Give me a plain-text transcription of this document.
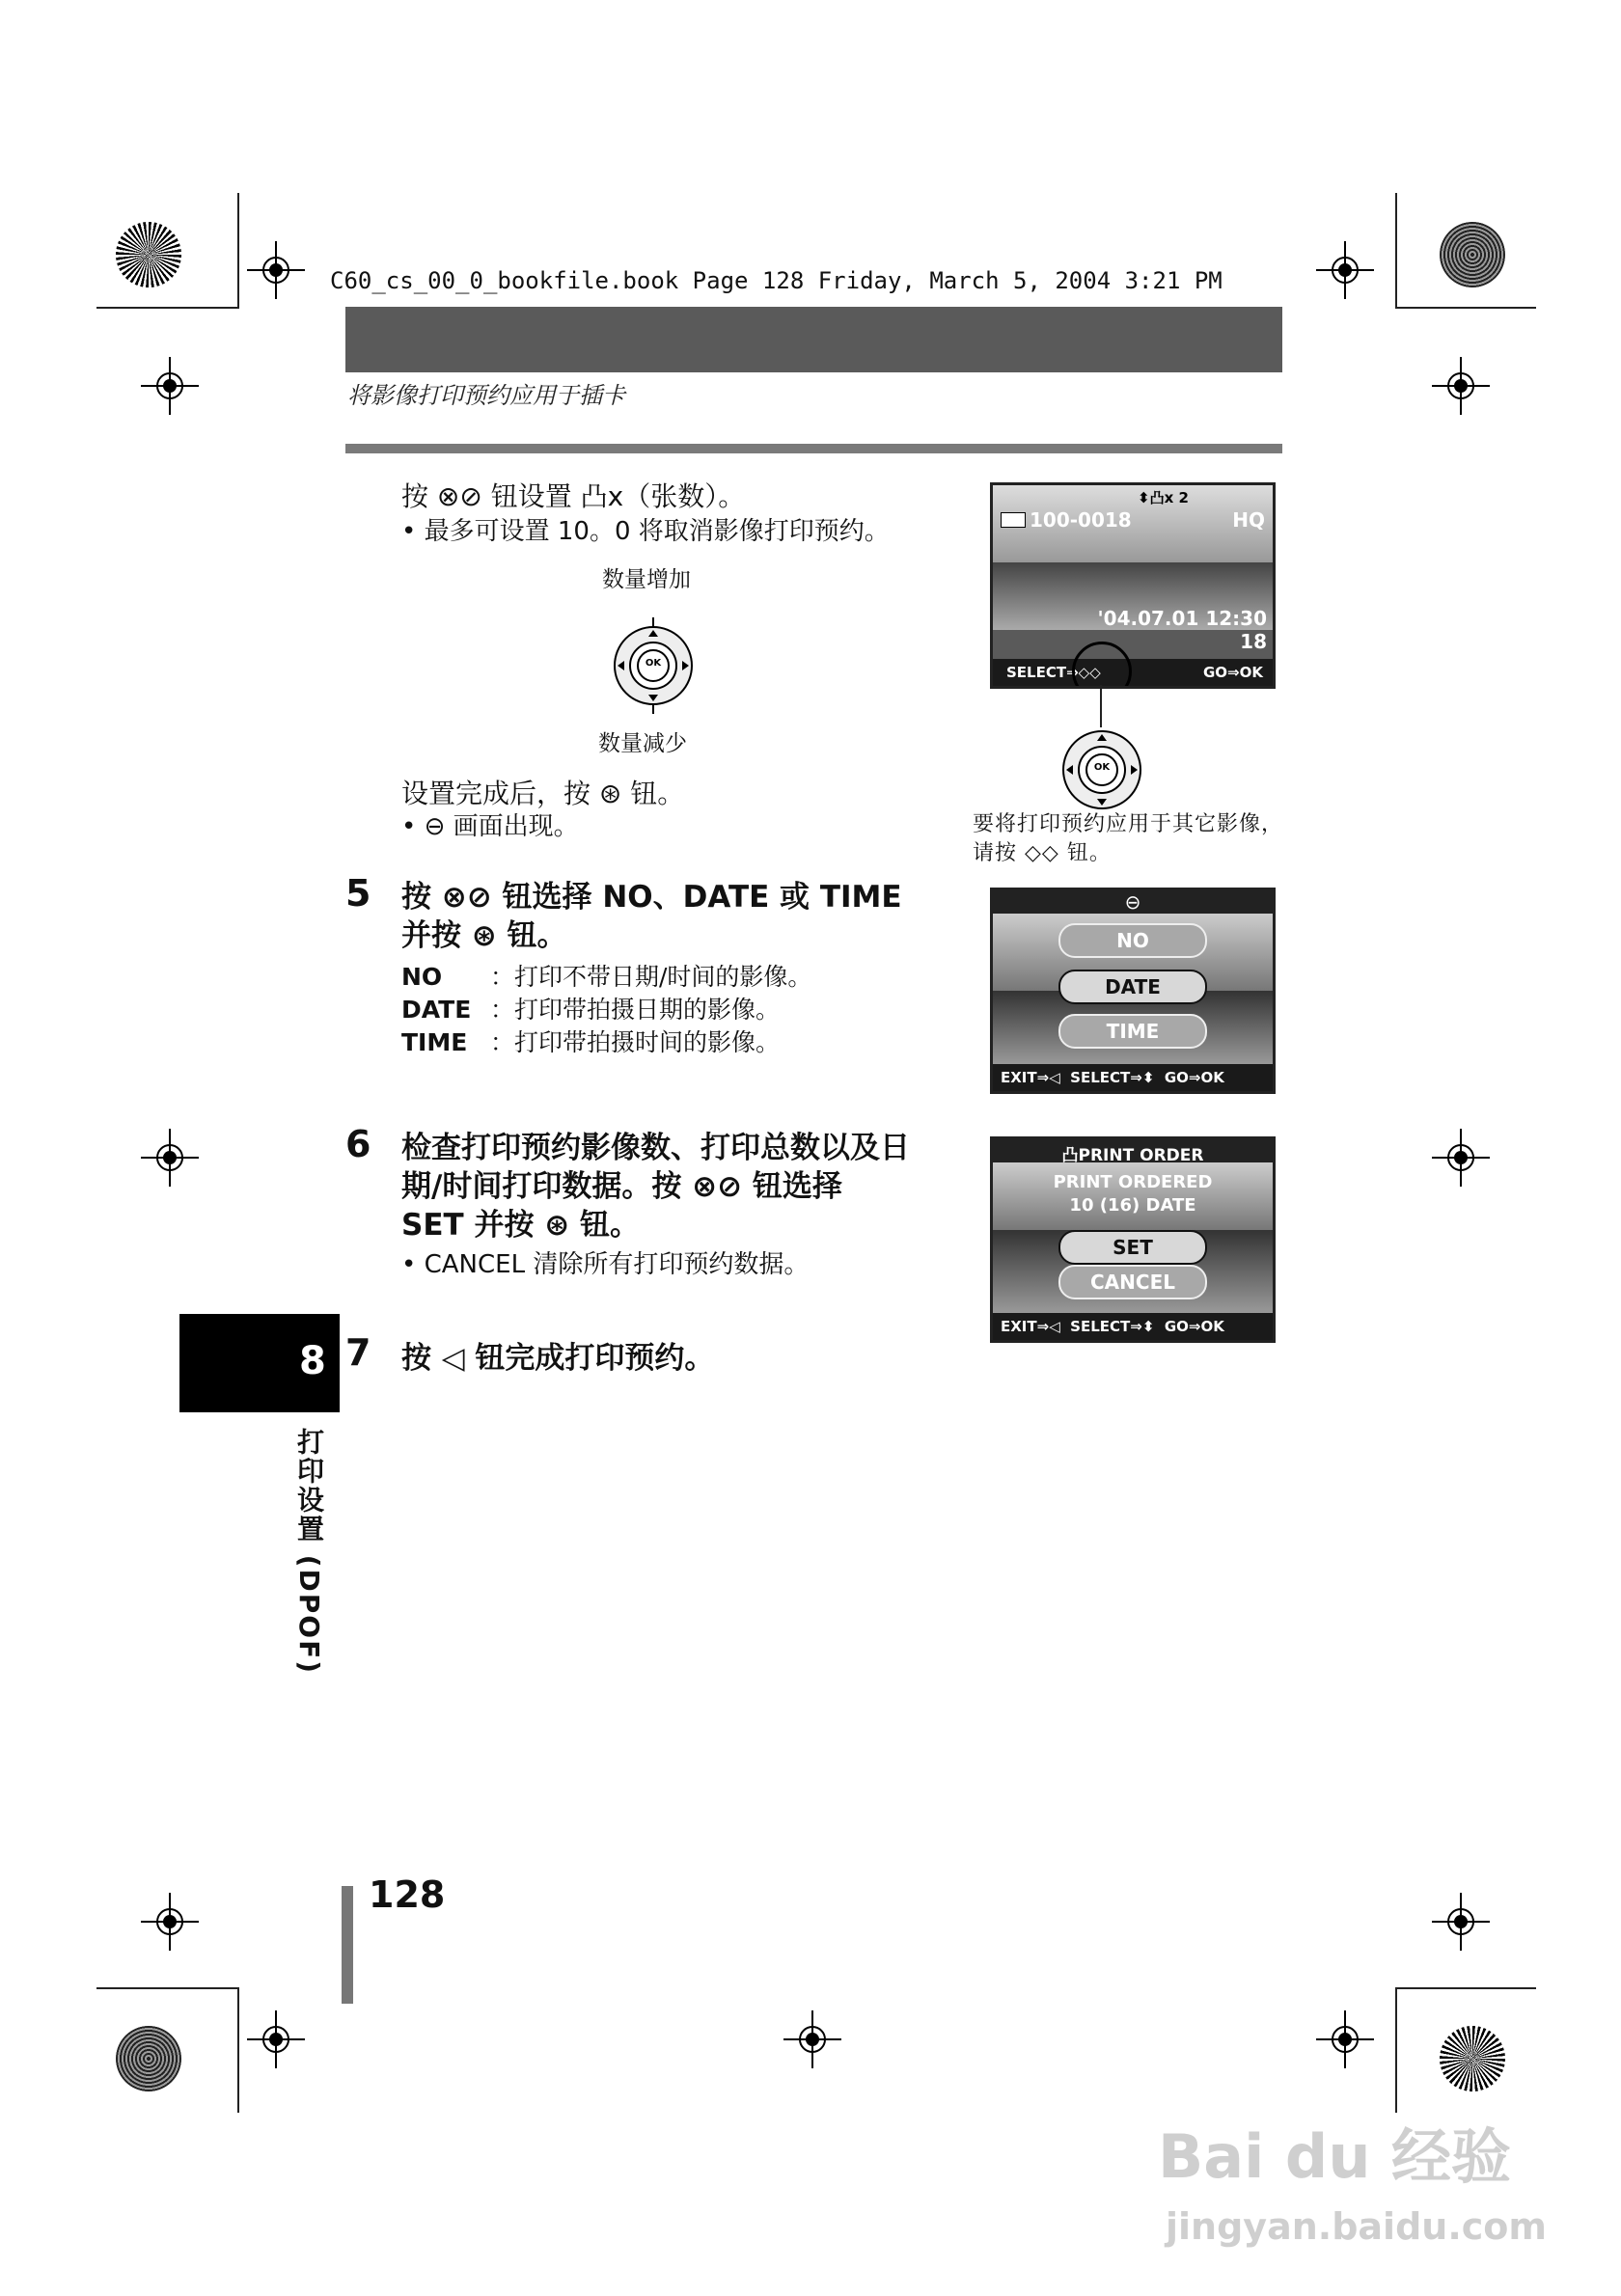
C60_cs_00_0_bookfile.book Page 128 Friday, March 5, 2004 3:21 PM
将影像打印预约应用于插卡
按 ⊗⊘ 钮设置 凸x（张数）。
• 最多可设置 10。0 将取消影像打印预约。
数量增加
OK
数量减少
设置完成后，按 ⊛ 钮。
• ⊖ 画面出现。
⬍凸x 2
100-0018	HQ
'04.07.01 12:30
18
SELECT⇒◇◇	GO⇒OK
OK
要将打印预约应用于其它影像，请按 ◇◇ 钮。
5 按 ⊗⊘ 钮选择 NO、DATE 或 TIME
并按 ⊛ 钮。
NO ：打印不带日期/时间的影像。
DATE ：打印带拍摄日期的影像。
TIME ：打印带拍摄时间的影像。
⊖
NO
DATE
TIME
EXIT⇒◁  SELECT⇒⬍  GO⇒OK
6 检查打印预约影像数、打印总数以及日
期/时间打印数据。按 ⊗⊘ 钮选择
SET 并按 ⊛ 钮。
• CANCEL 清除所有打印预约数据。
凸PRINT ORDER
PRINT ORDERED
10 (16) DATE
SET
CANCEL
EXIT⇒◁  SELECT⇒⬍  GO⇒OK
7 按 ◁ 钮完成打印预约。
8
打印设置 (DPOF)
128
Bai du 经验
jingyan.baidu.com
